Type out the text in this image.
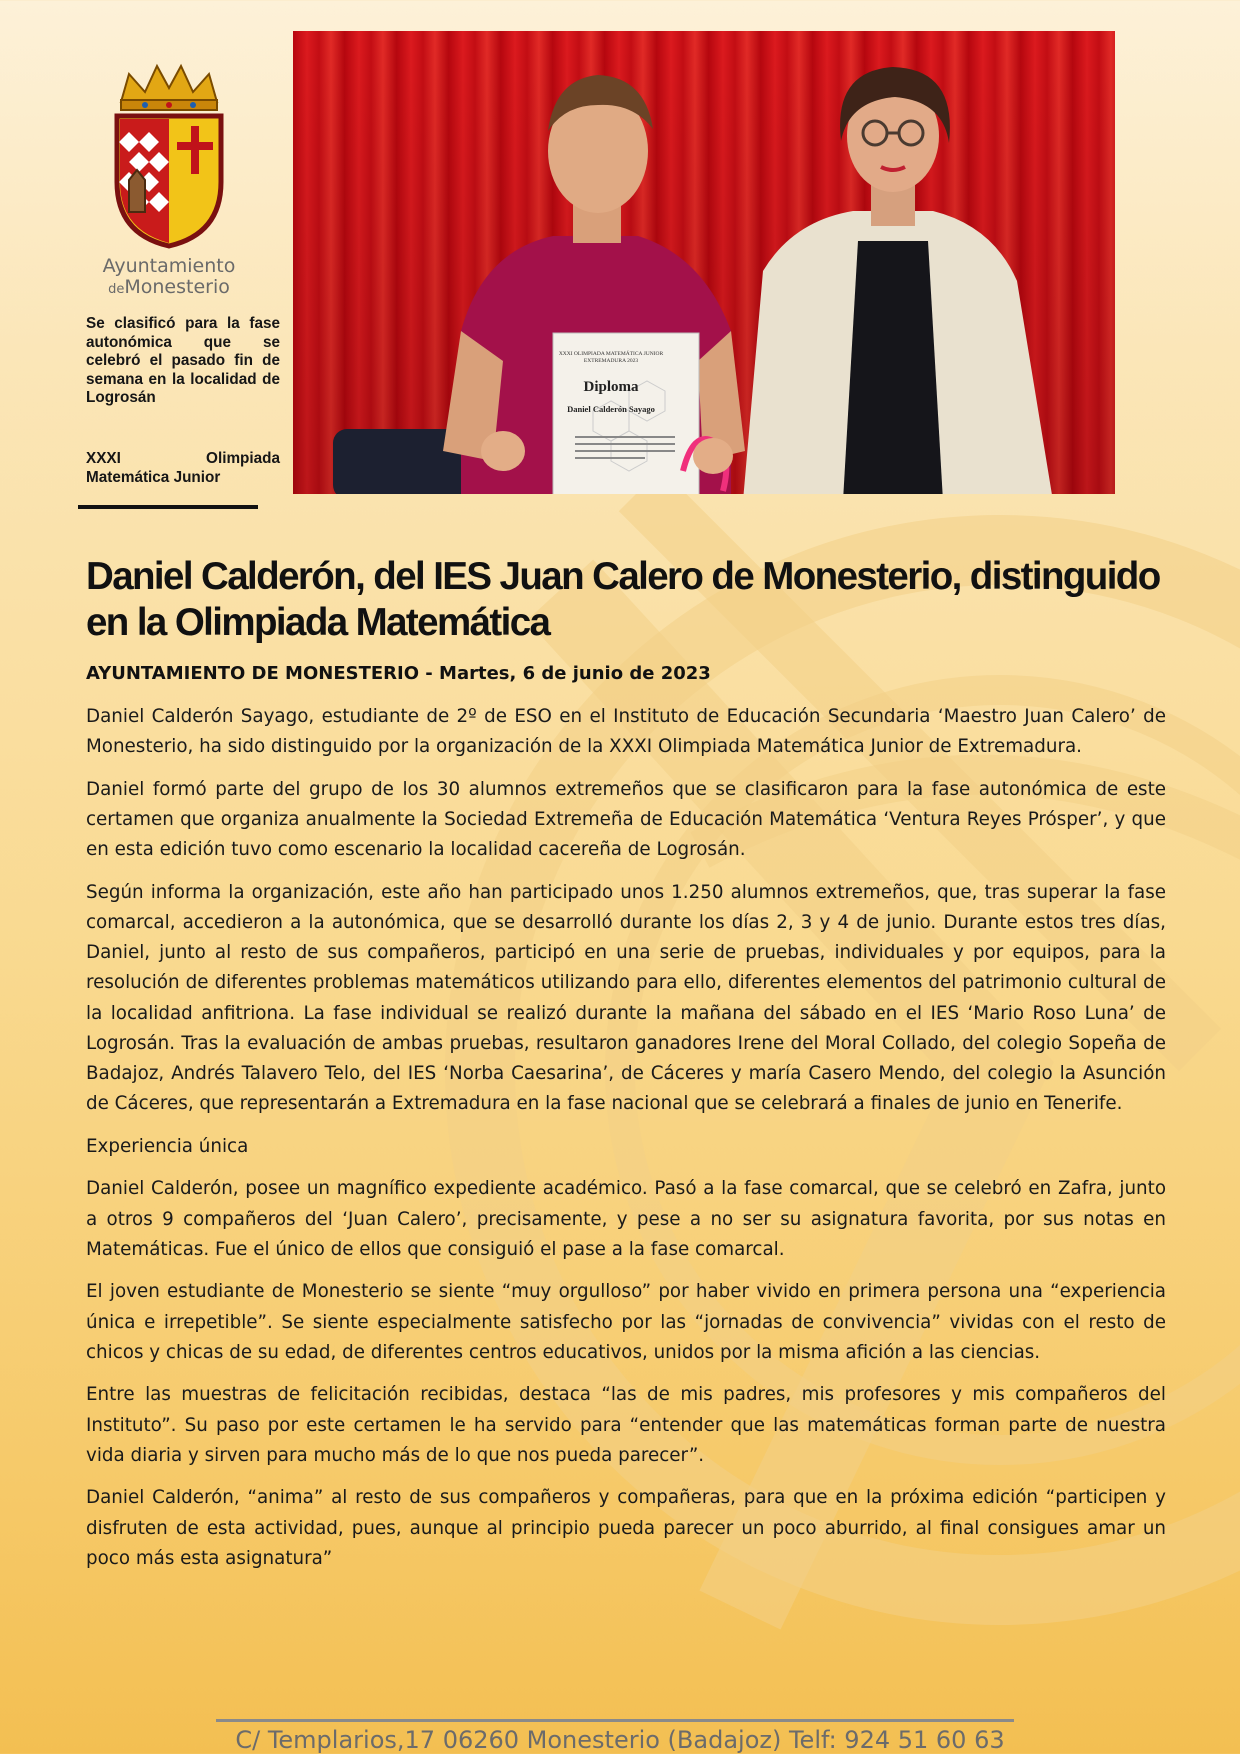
Ayuntamiento
deMonesterio

Se clasificó para la fase autonómica que se celebró el pasado fin de semana en la localidad de Logrosán

XXXI Olimpiada Matemática Junior

XXXI OLIMPIADA MATEMÁTICA JUNIOR EXTREMADURA 2023
Diploma
Daniel Calderón Sayago
Daniel Calderón, del IES Juan Calero de Monesterio, distinguido en la Olimpiada Matemática

AYUNTAMIENTO DE MONESTERIO - Martes, 6 de junio de 2023

Daniel Calderón Sayago, estudiante de 2º de ESO en el Instituto de Educación Secundaria ‘Maestro Juan Calero’ de Monesterio, ha sido distinguido por la organización de la XXXI Olimpiada Matemática Junior de Extremadura.

Daniel formó parte del grupo de los 30 alumnos extremeños que se clasificaron para la fase autonómica de este certamen que organiza anualmente la Sociedad Extremeña de Educación Matemática ‘Ventura Reyes Prósper’, y que en esta edición tuvo como escenario la localidad cacereña de Logrosán.

Según informa la organización, este año han participado unos 1.250 alumnos extremeños, que, tras superar la fase comarcal, accedieron a la autonómica, que se desarrolló durante los días 2, 3 y 4 de junio. Durante estos tres días, Daniel, junto al resto de sus compañeros, participó en una serie de pruebas, individuales y por equipos, para la resolución de diferentes problemas matemáticos utilizando para ello, diferentes elementos del patrimonio cultural de la localidad anfitriona. La fase individual se realizó durante la mañana del sábado en el IES ‘Mario Roso Luna’ de Logrosán. Tras la evaluación de ambas pruebas, resultaron ganadores Irene del Moral Collado, del colegio Sopeña de Badajoz, Andrés Talavero Telo, del IES ‘Norba Caesarina’, de Cáceres y maría Casero Mendo, del colegio la Asunción de Cáceres, que representarán a Extremadura en la fase nacional que se celebrará a finales de junio en Tenerife.

Experiencia única

Daniel Calderón, posee un magnífico expediente académico. Pasó a la fase comarcal, que se celebró en Zafra, junto a otros 9 compañeros del ‘Juan Calero’, precisamente, y pese a no ser su asignatura favorita, por sus notas en Matemáticas. Fue el único de ellos que consiguió el pase a la fase comarcal.

El joven estudiante de Monesterio se siente “muy orgulloso” por haber vivido en primera persona una “experiencia única e irrepetible”. Se siente especialmente satisfecho por las “jornadas de convivencia” vividas con el resto de chicos y chicas de su edad, de diferentes centros educativos, unidos por la misma afición a las ciencias.

Entre las muestras de felicitación recibidas, destaca “las de mis padres, mis profesores y mis compañeros del Instituto”. Su paso por este certamen le ha servido para “entender que las matemáticas forman parte de nuestra vida diaria y sirven para mucho más de lo que nos pueda parecer”.

Daniel Calderón, “anima” al resto de sus compañeros y compañeras, para que en la próxima edición “participen y disfruten de esta actividad, pues, aunque al principio pueda parecer un poco aburrido, al final consigues amar un poco más esta asignatura”

C/ Templarios,17 06260 Monesterio (Badajoz) Telf: 924 51 60 63
